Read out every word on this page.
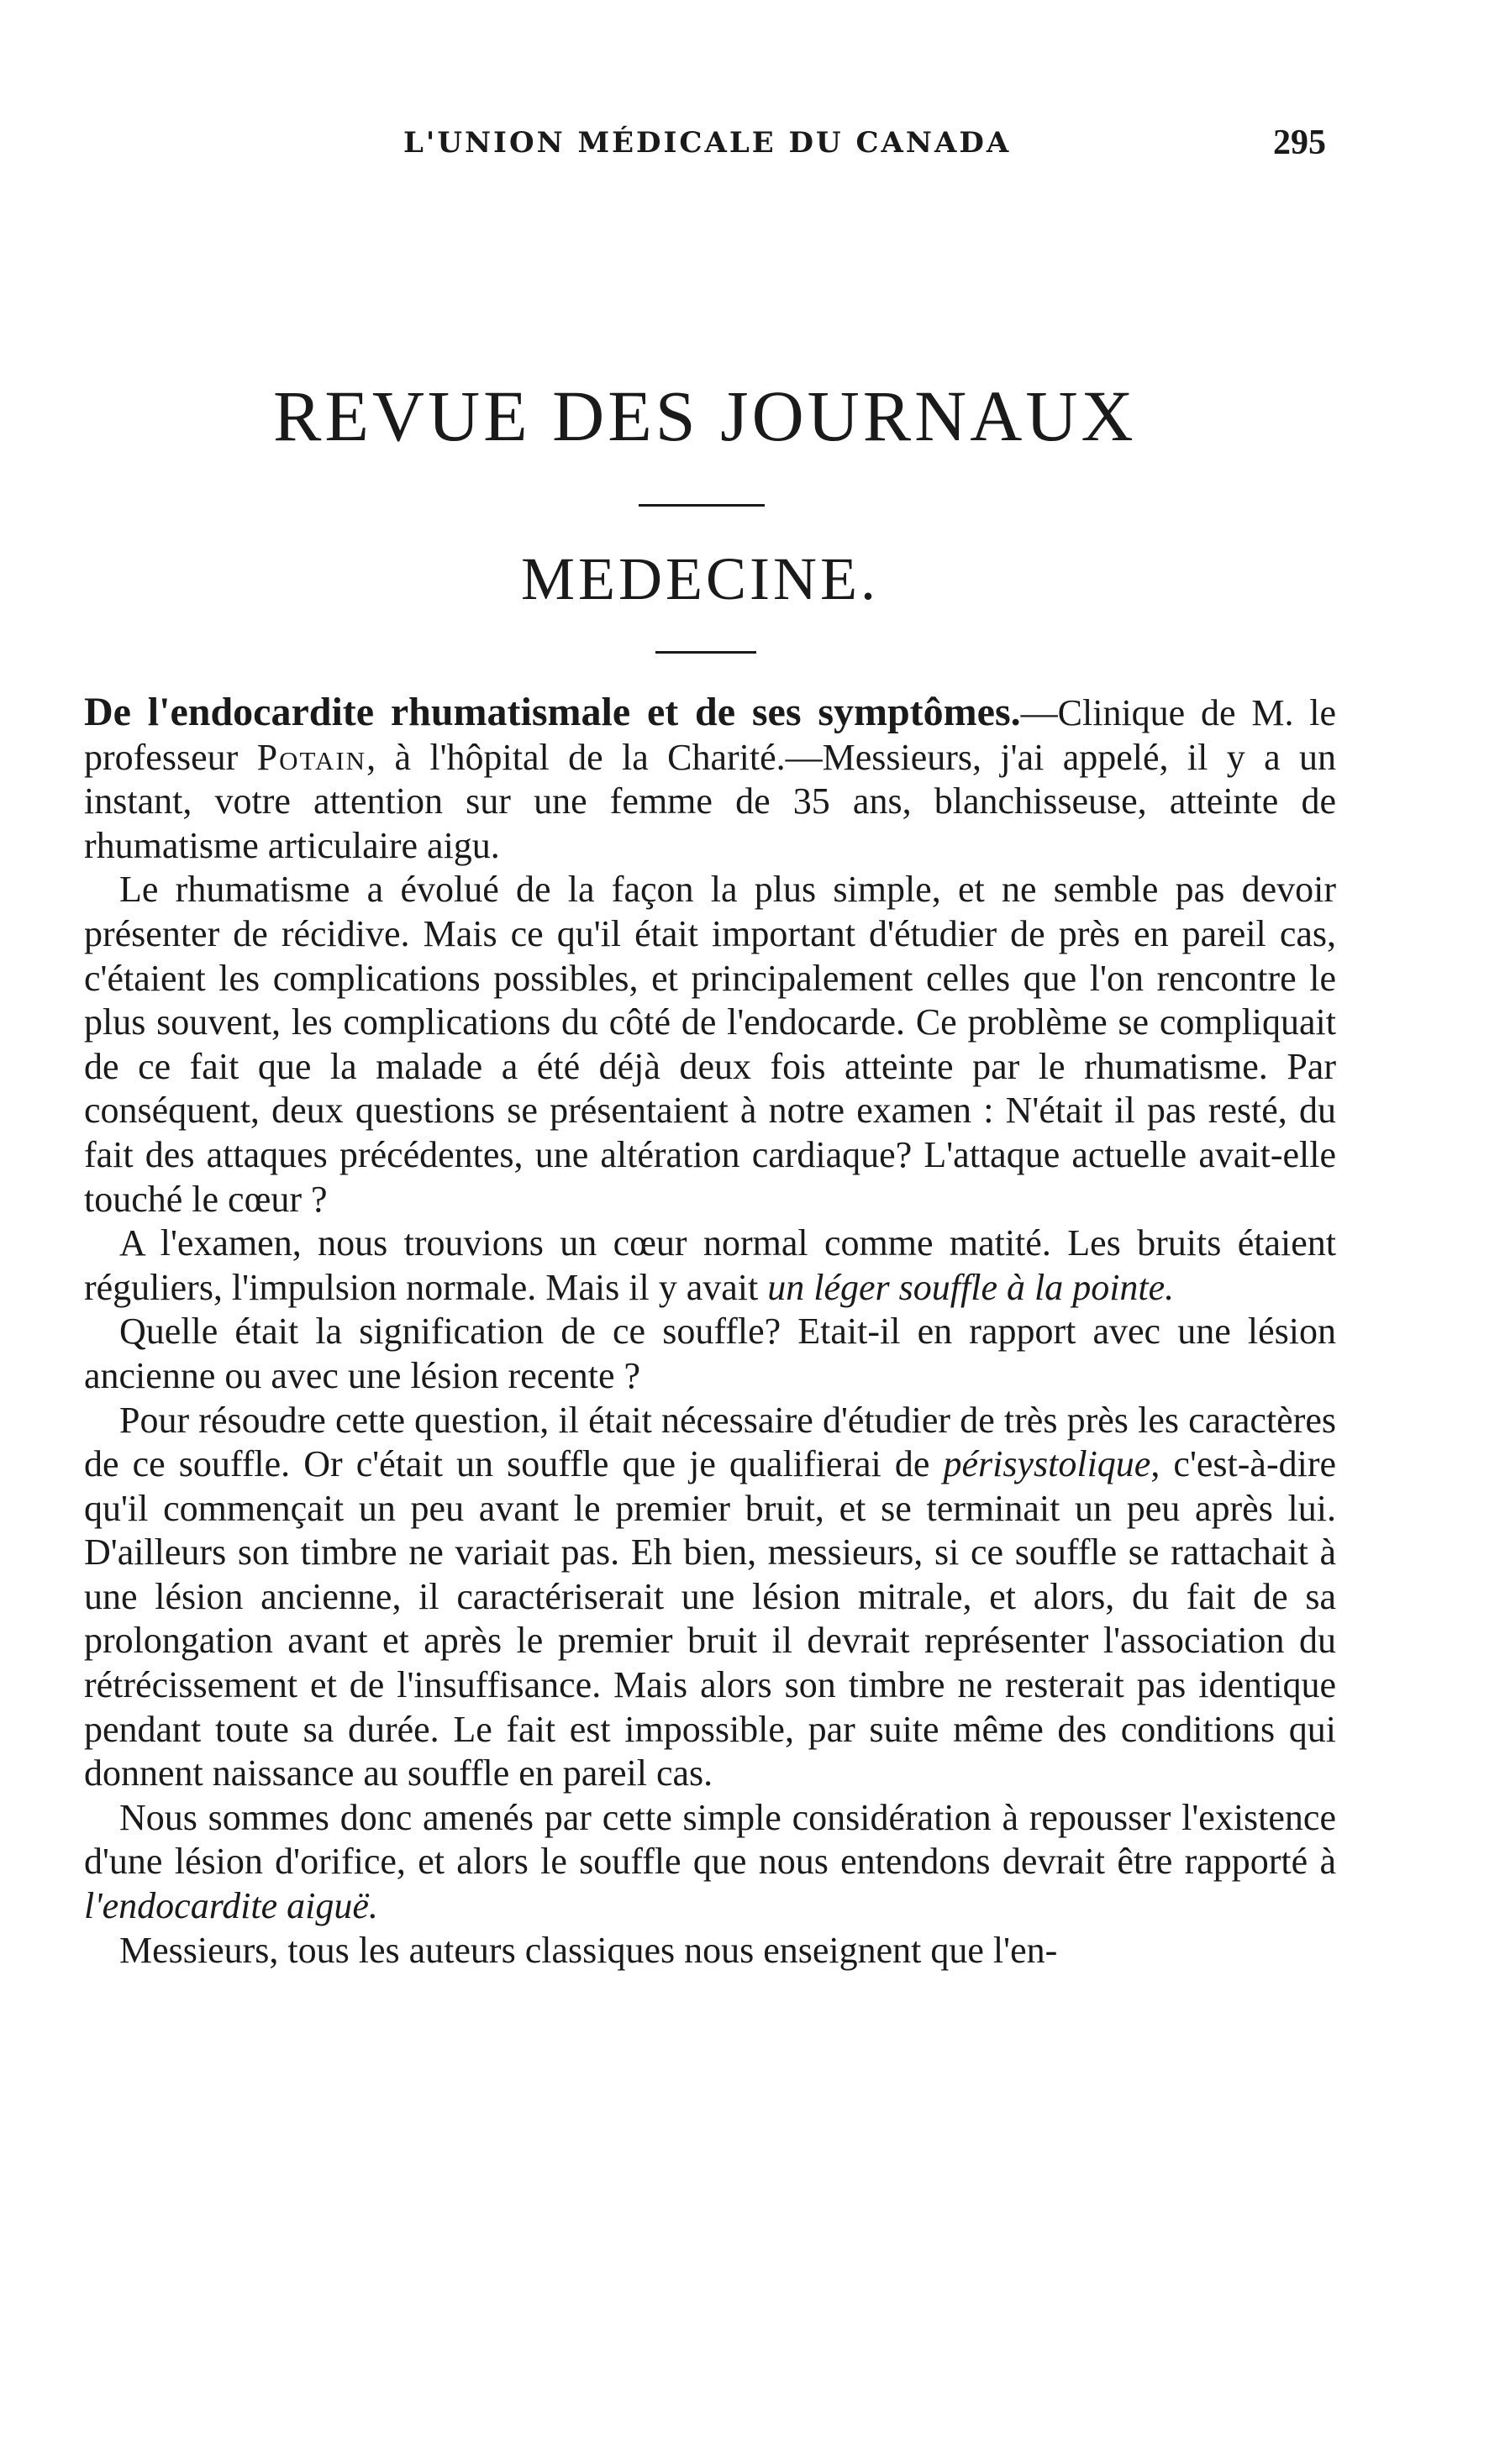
L'UNION MÉDICALE DU CANADA	295
REVUE DES JOURNAUX
MEDECINE.

De l'endocardite rhumatismale et de ses symptômes.—Clinique de M. le professeur Potain, à l'hôpital de la Charité.—Messieurs, j'ai appelé, il y a un instant, votre attention sur une femme de 35 ans, blanchisseuse, atteinte de rhumatisme articulaire aigu.

Le rhumatisme a évolué de la façon la plus simple, et ne semble pas devoir présenter de récidive. Mais ce qu'il était important d'étudier de près en pareil cas, c'étaient les complications possibles, et principalement celles que l'on rencontre le plus souvent, les complications du côté de l'endocarde. Ce problème se compliquait de ce fait que la malade a été déjà deux fois atteinte par le rhumatisme. Par conséquent, deux questions se présentaient à notre examen : N'était il pas resté, du fait des attaques précédentes, une altération cardiaque? L'attaque actuelle avait-elle touché le cœur ?

A l'examen, nous trouvions un cœur normal comme matité. Les bruits étaient réguliers, l'impulsion normale. Mais il y avait un léger souffle à la pointe.

Quelle était la signification de ce souffle? Etait-il en rapport avec une lésion ancienne ou avec une lésion recente ?

Pour résoudre cette question, il était nécessaire d'étudier de très près les caractères de ce souffle. Or c'était un souffle que je qualifierai de périsystolique, c'est-à-dire qu'il commençait un peu avant le premier bruit, et se terminait un peu après lui. D'ailleurs son timbre ne variait pas. Eh bien, messieurs, si ce souffle se rattachait à une lésion ancienne, il caractériserait une lésion mitrale, et alors, du fait de sa prolongation avant et après le premier bruit il devrait représenter l'association du rétrécissement et de l'insuffisance. Mais alors son timbre ne resterait pas identique pendant toute sa durée. Le fait est impossible, par suite même des conditions qui donnent naissance au souffle en pareil cas.

Nous sommes donc amenés par cette simple considération à repousser l'existence d'une lésion d'orifice, et alors le souffle que nous entendons devrait être rapporté à l'endocardite aiguë.

Messieurs, tous les auteurs classiques nous enseignent que l'en-
